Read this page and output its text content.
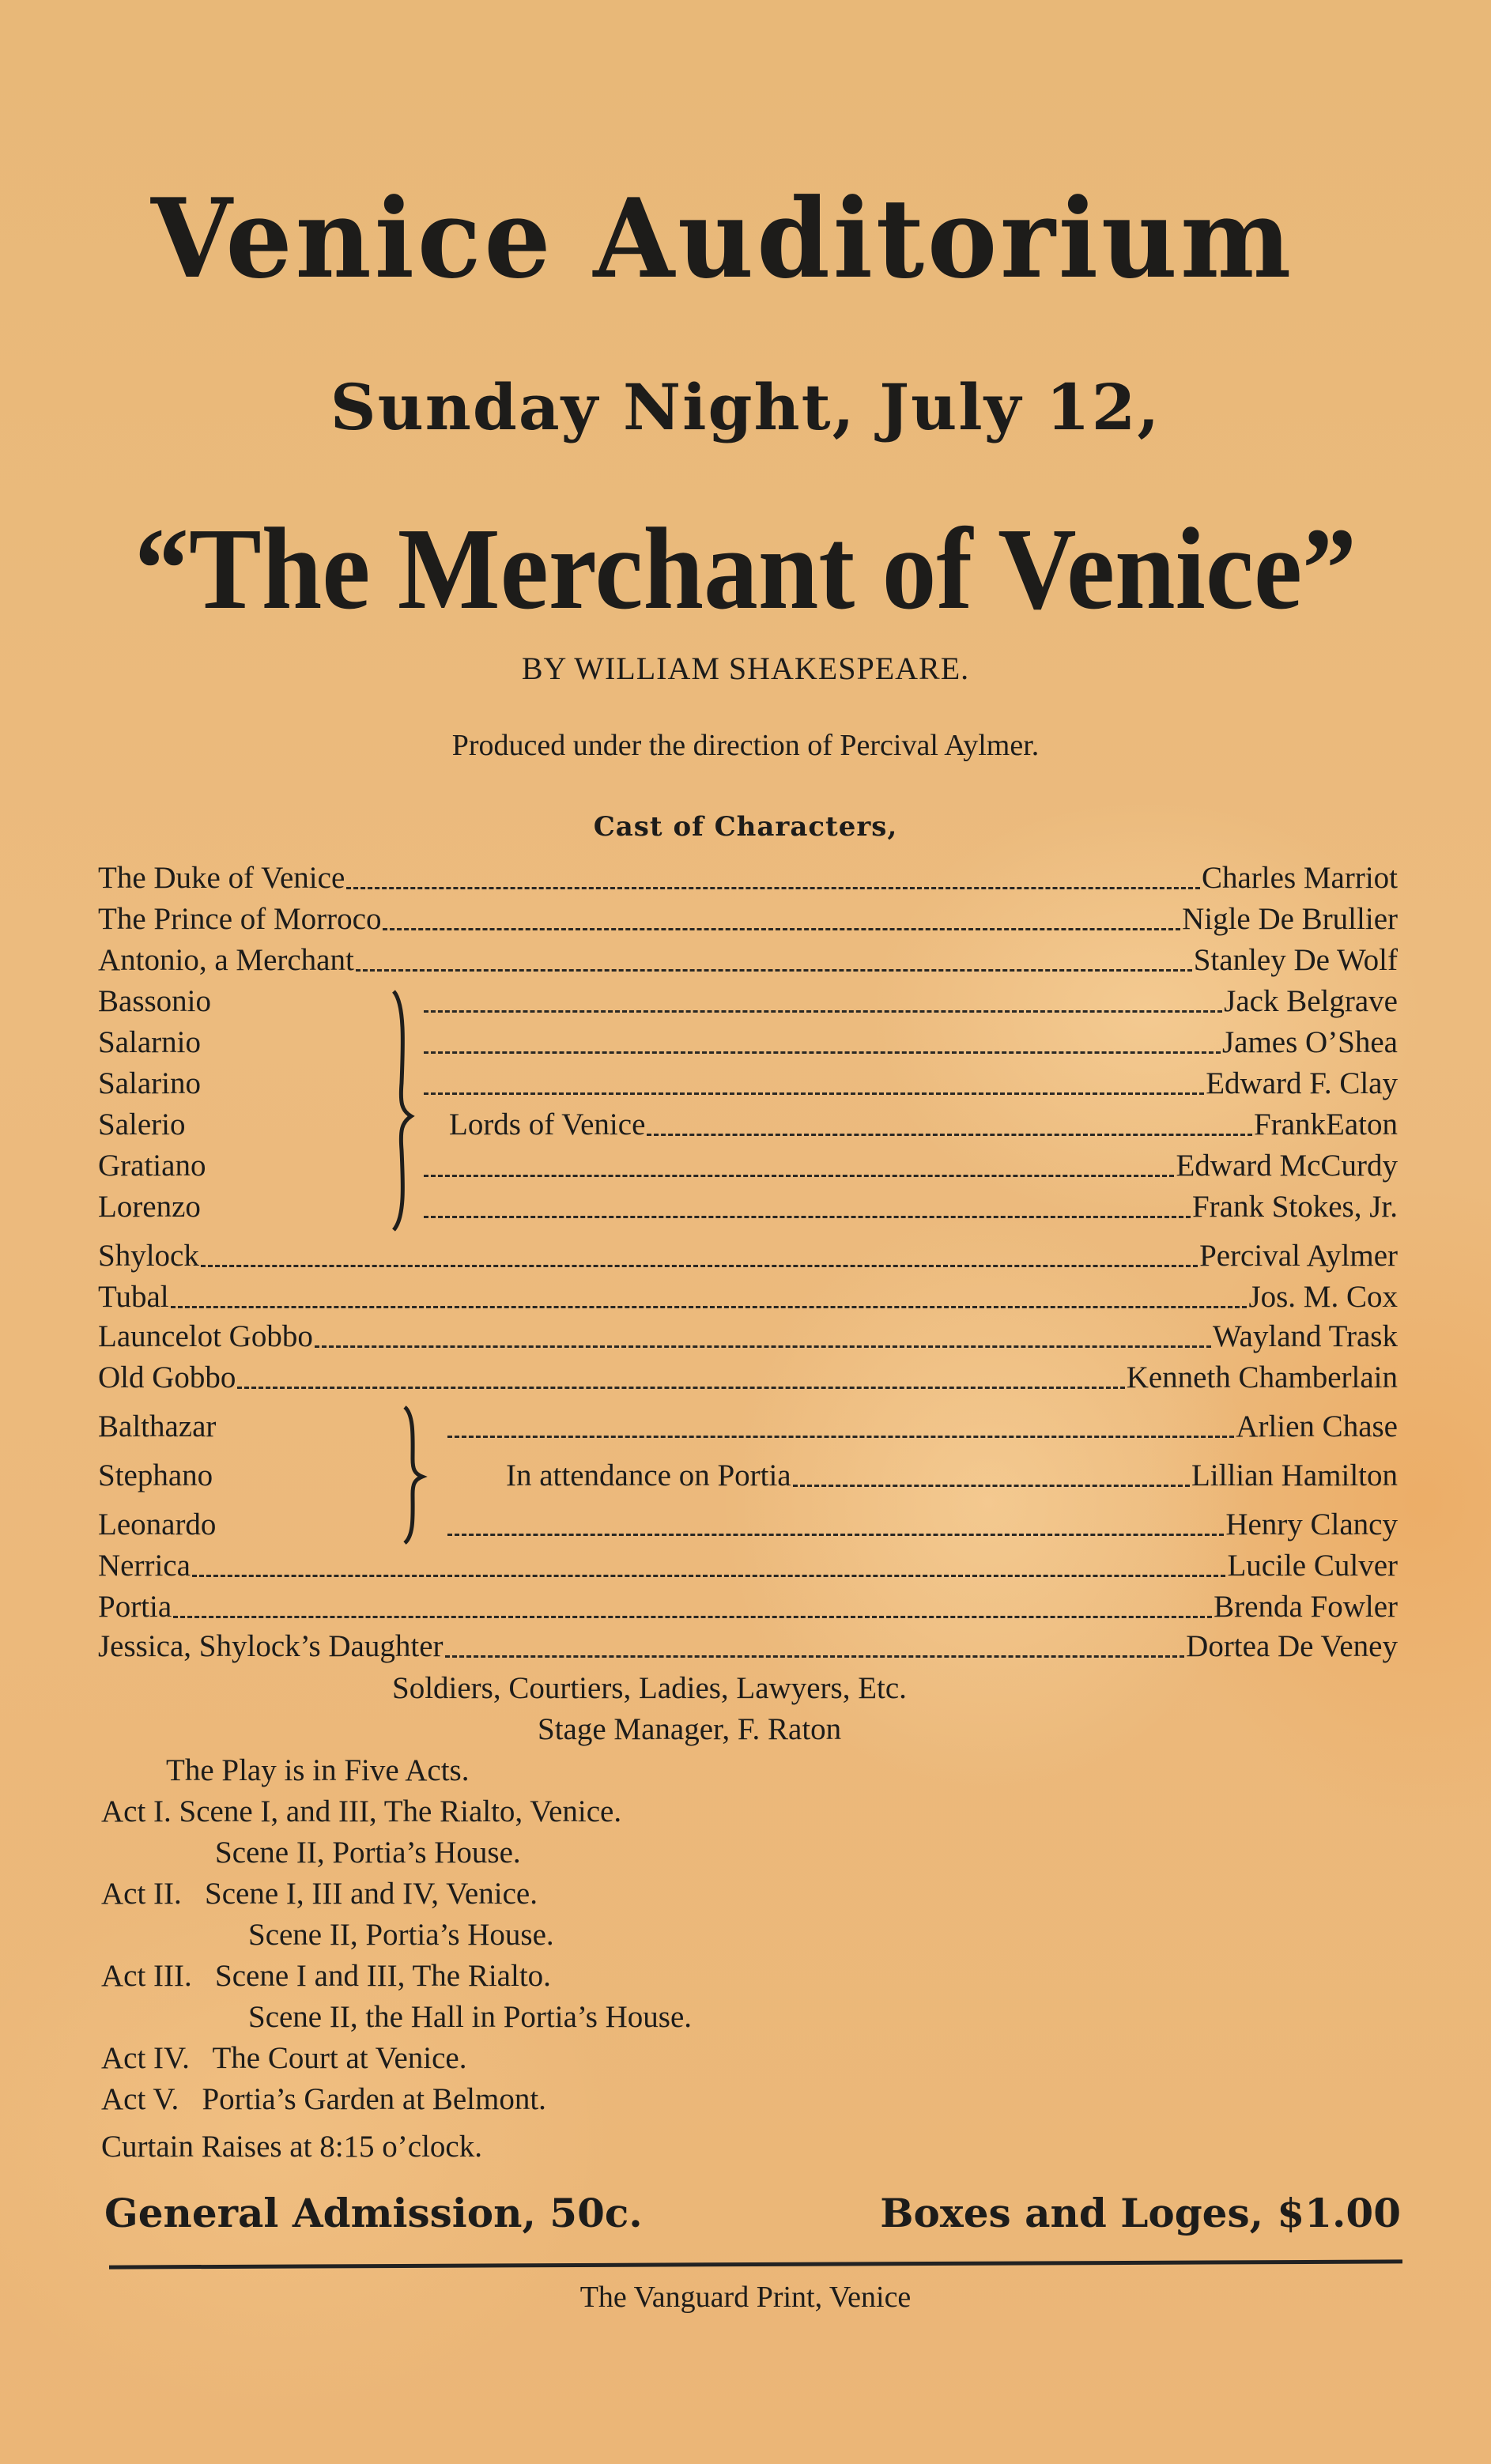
Venice Auditorium
Sunday Night, July 12,
“The Merchant of Venice”
BY WILLIAM SHAKESPEARE.
Produced under the direction of Percival Aylmer.
Cast of Characters,
The Duke of Venice	Charles Marriot
The Prince of Morroco	Nigle De Brullier
Antonio, a Merchant	Stanley De Wolf
Bassonio	Jack Belgrave
Salarnio	James O’Shea
Salarino	Edward F. Clay
Salerio	Lords of Venice	FrankEaton
Gratiano	Edward McCurdy
Lorenzo	Frank Stokes, Jr.
Shylock	Percival Aylmer
Tubal	Jos. M. Cox
Launcelot Gobbo	Wayland Trask
Old Gobbo	Kenneth Chamberlain
Balthazar	Arlien Chase
Stephano	In attendance on Portia	Lillian Hamilton
Leonardo	Henry Clancy
Nerrica	Lucile Culver
Portia	Brenda Fowler
Jessica, Shylock’s Daughter	Dortea De Veney
Soldiers, Courtiers, Ladies, Lawyers, Etc.
Stage Manager, F. Raton
The Play is in Five Acts.
Act I. Scene I, and III, The Rialto, Venice.
Scene II, Portia’s House.
Act II.   Scene I, III and IV, Venice.
Scene II, Portia’s House.
Act III.   Scene I and III, The Rialto.
Scene II, the Hall in Portia’s House.
Act IV.   The Court at Venice.
Act V.   Portia’s Garden at Belmont.
Curtain Raises at 8:15 o’clock.
General Admission, 50c.	Boxes and Loges, $1.00
The Vanguard Print, Venice
